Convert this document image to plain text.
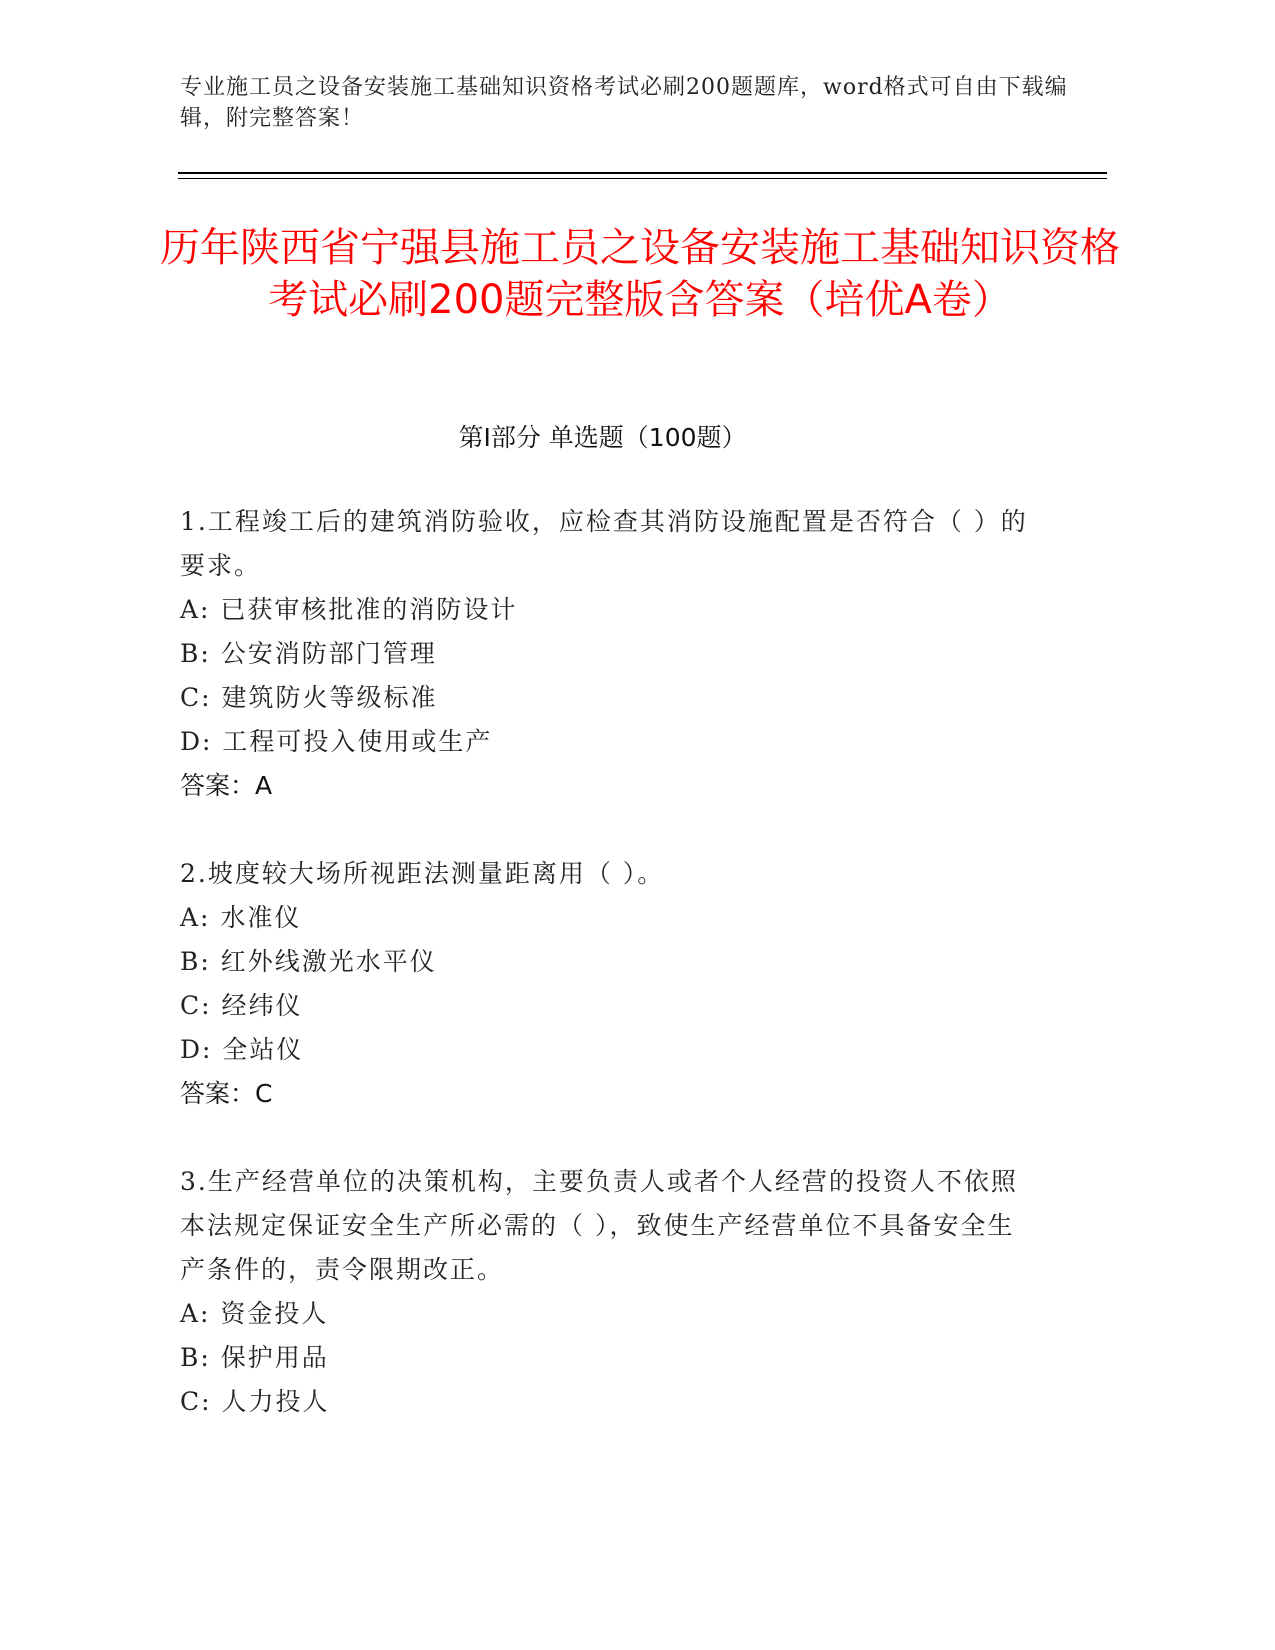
专业施工员之设备安装施工基础知识资格考试必刷200题题库，word格式可自由下载编辑，附完整答案！
历年陕西省宁强县施工员之设备安装施工基础知识资格考试必刷200题完整版含答案（培优A卷）
第Ⅰ部分 单选题（100题）
1.工程竣工后的建筑消防验收，应检查其消防设施配置是否符合（ ）的要求。
A: 已获审核批准的消防设计
B: 公安消防部门管理
C: 建筑防火等级标准
D: 工程可投入使用或生产
答案：A
2.坡度较大场所视距法测量距离用（ ）。
A: 水准仪
B: 红外线激光水平仪
C: 经纬仪
D: 全站仪
答案：C
3.生产经营单位的决策机构，主要负责人或者个人经营的投资人不依照本法规定保证安全生产所必需的（ ），致使生产经营单位不具备安全生产条件的，责令限期改正。
A: 资金投人
B: 保护用品
C: 人力投人
